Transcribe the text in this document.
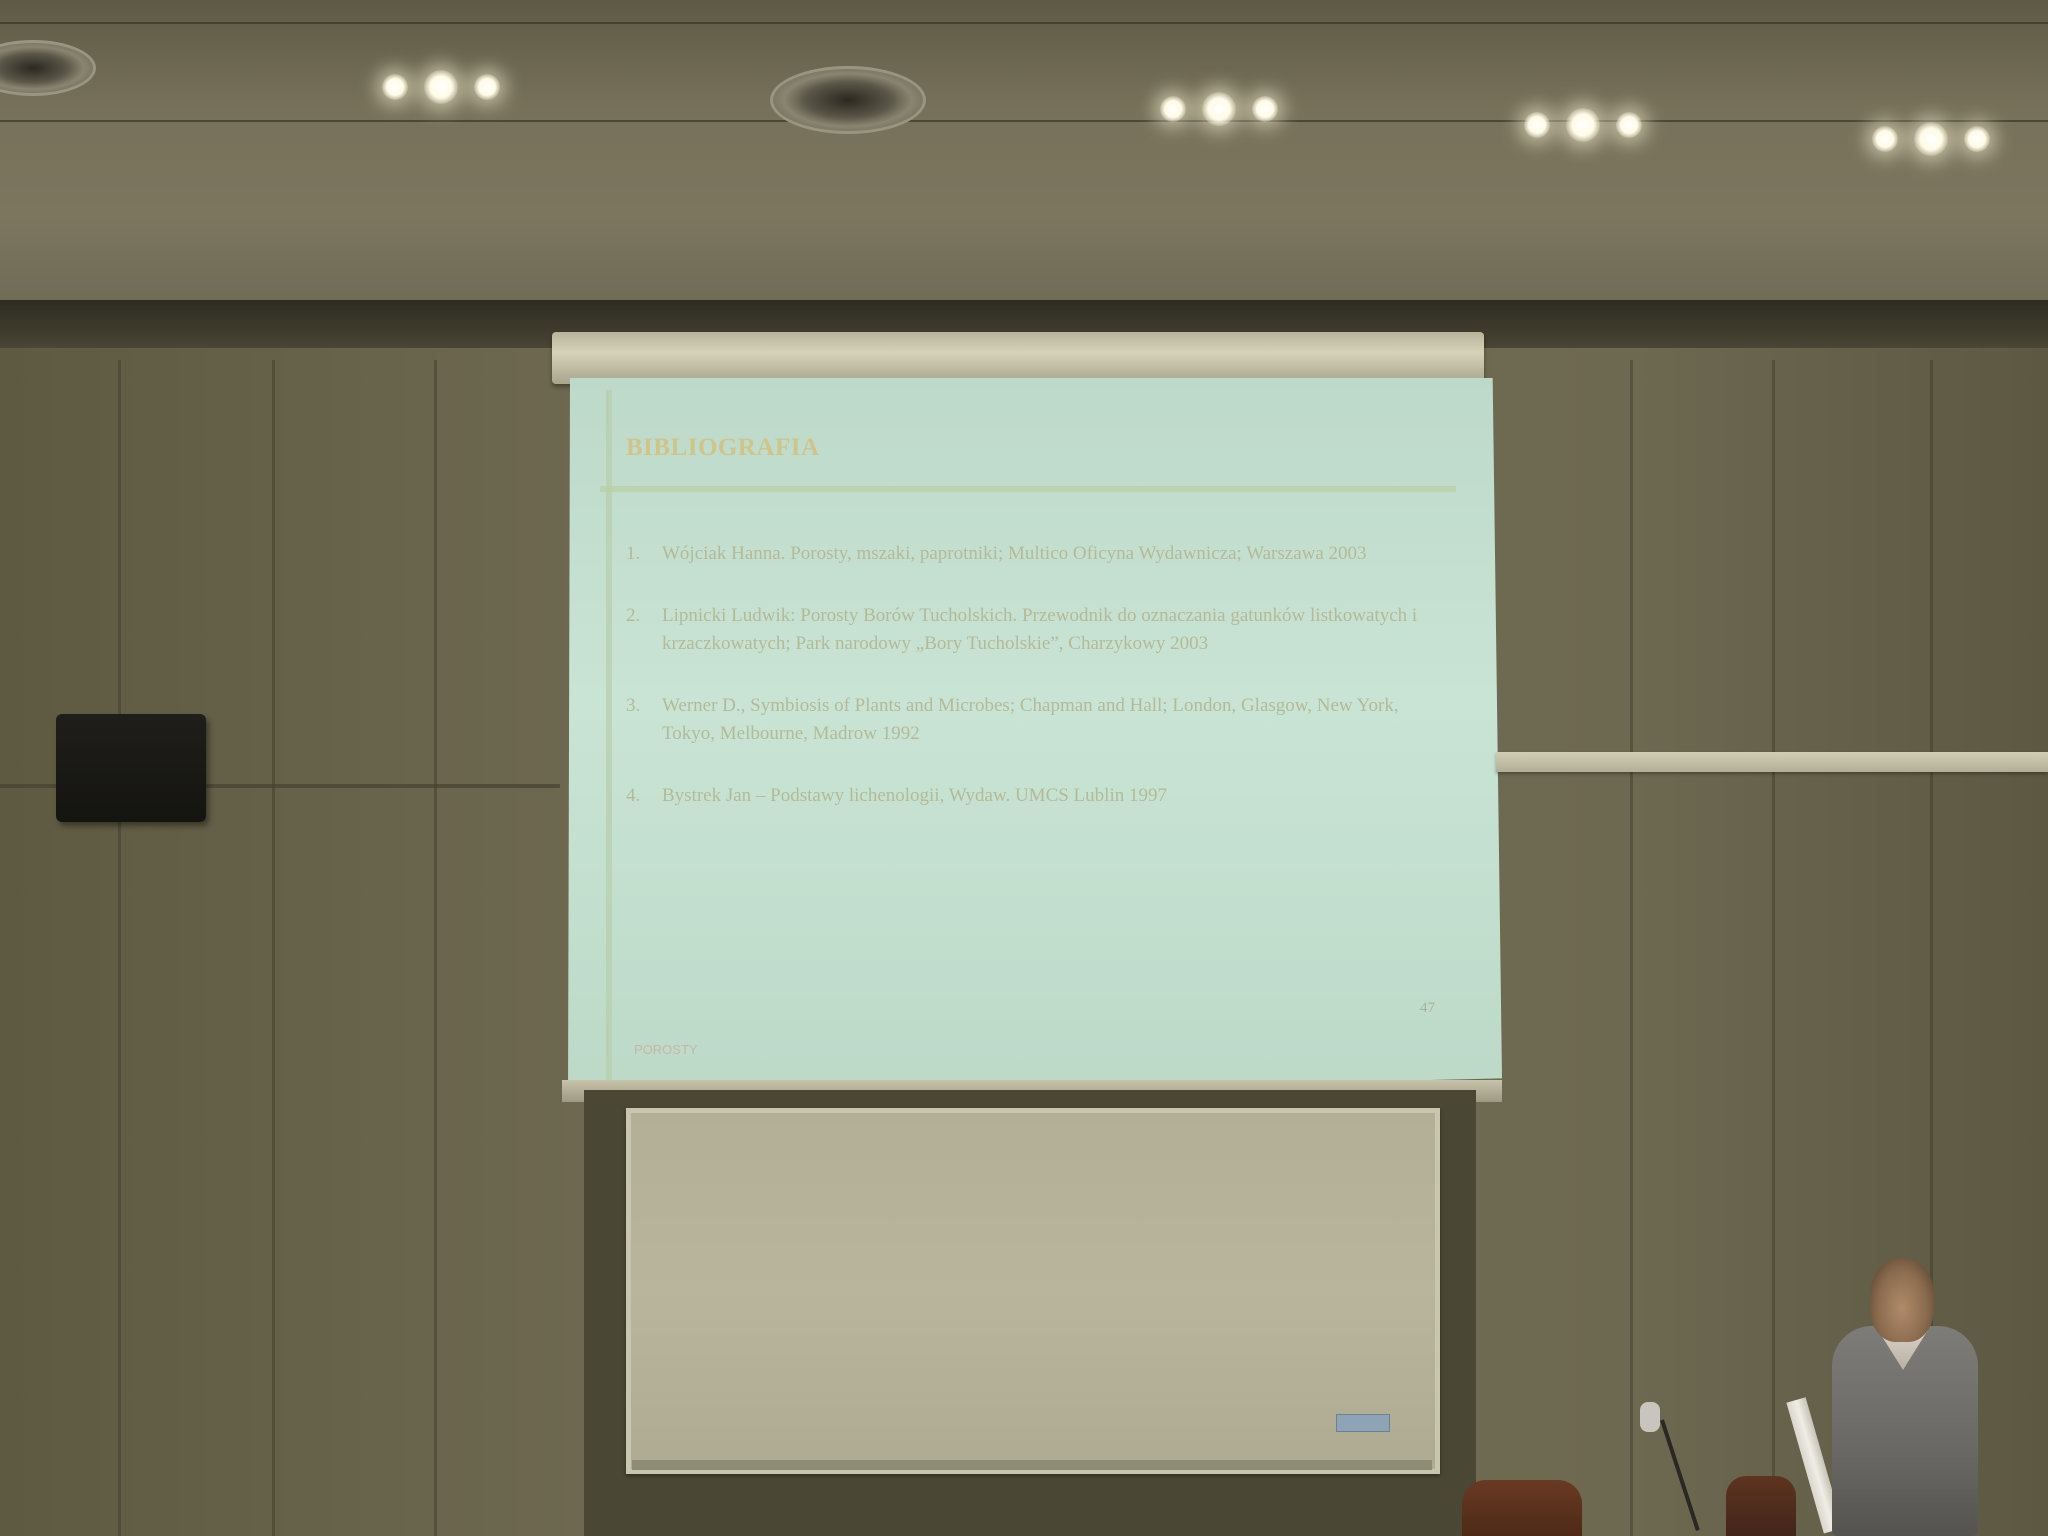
BIBLIOGRAFIA
1.	Wójciak Hanna. Porosty, mszaki, paprotniki; Multico Oficyna Wydawnicza; Warszawa 2003
2.	Lipnicki Ludwik: Porosty Borów Tucholskich. Przewodnik do oznaczania gatunków listkowatych i krzaczkowatych; Park narodowy „Bory Tucholskie”, Charzykowy 2003
3.	Werner D., Symbiosis of Plants and Microbes; Chapman and Hall; London, Glasgow, New York, Tokyo, Melbourne, Madrow 1992
4.	Bystrek Jan – Podstawy lichenologii, Wydaw. UMCS Lublin 1997
47
POROSTY
